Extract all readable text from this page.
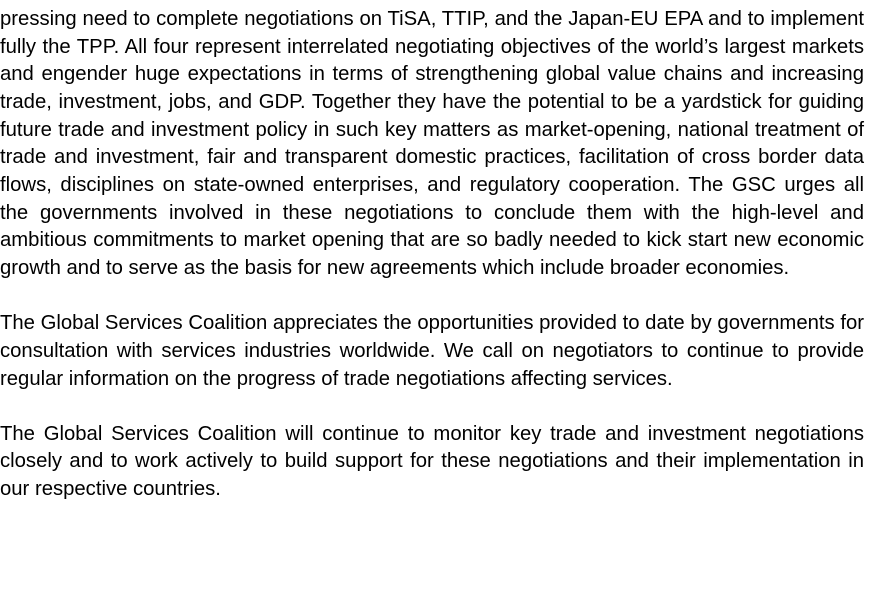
pressing need to complete negotiations on TiSA, TTIP, and the Japan-EU EPA and to implement fully the TPP. All four represent interrelated negotiating objectives of the world’s largest markets and engender huge expectations in terms of strengthening global value chains and increasing trade, investment, jobs, and GDP. Together they have the potential to be a yardstick for guiding future trade and investment policy in such key matters as market-opening, national treatment of trade and investment, fair and transparent domestic practices, facilitation of cross border data flows, disciplines on state-owned enterprises, and regulatory cooperation. The GSC urges all the governments involved in these negotiations to conclude them with the high-level and ambitious commitments to market opening that are so badly needed to kick start new economic growth and to serve as the basis for new agreements which include broader economies.

The Global Services Coalition appreciates the opportunities provided to date by governments for consultation with services industries worldwide. We call on negotiators to continue to provide regular information on the progress of trade negotiations affecting services.

The Global Services Coalition will continue to monitor key trade and investment negotiations closely and to work actively to build support for these negotiations and their implementation in our respective countries.
